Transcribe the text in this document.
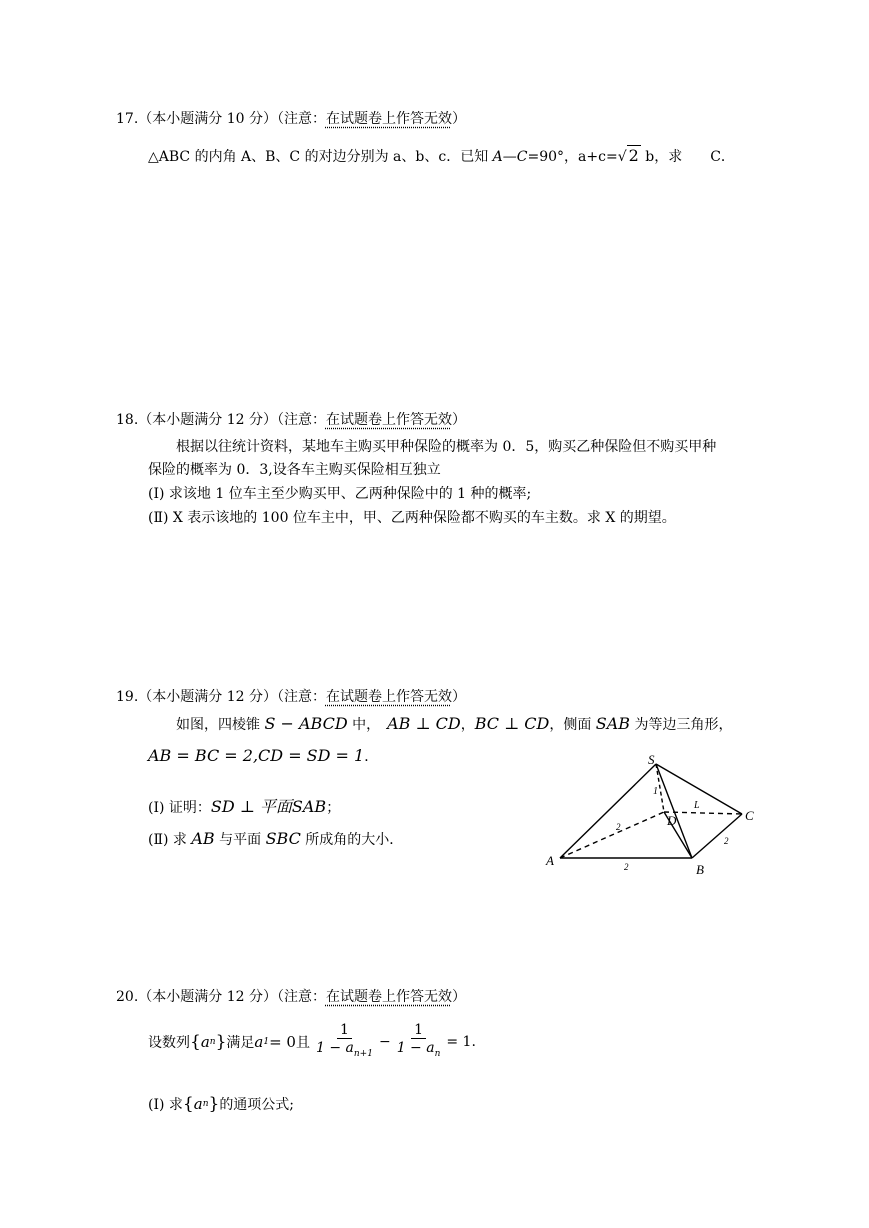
17.（本小题满分 10 分）（注意：在试题卷上作答无效）
△ABC 的内角 A、B、C 的对边分别为 a、b、c．已知 A—C=90°，a+c=√ 2 b，求　　C．
18.（本小题满分 12 分）（注意：在试题卷上作答无效）
根据以往统计资料，某地车主购买甲种保险的概率为 0．5，购买乙种保险但不购买甲种
保险的概率为 0．3,设各车主购买保险相互独立
(Ⅰ) 求该地 1 位车主至少购买甲、乙两种保险中的 1 种的概率;
(Ⅱ) X 表示该地的 100 位车主中，甲、乙两种保险都不购买的车主数。求 X 的期望。
19.（本小题满分 12 分）（注意：在试题卷上作答无效）
如图，四棱锥 S − ABCD 中，　AB ⊥ CD，BC ⊥ CD，侧面 SAB 为等边三角形，
AB = BC = 2,CD = SD = 1．
(Ⅰ) 证明：SD ⊥ 平面SAB；
(Ⅱ) 求 AB 与平面 SBC 所成角的大小．
S
A
B
C
D
1
L
2
2
2
20.（本小题满分 12 分）（注意：在试题卷上作答无效）
设数列 { a n } 满足 a 1 = 0 且 $\frac{1}{1 - a_{n+1}} - \frac{1}{1 - a_n} = 1$.
(Ⅰ) 求 { a n } 的通项公式;
